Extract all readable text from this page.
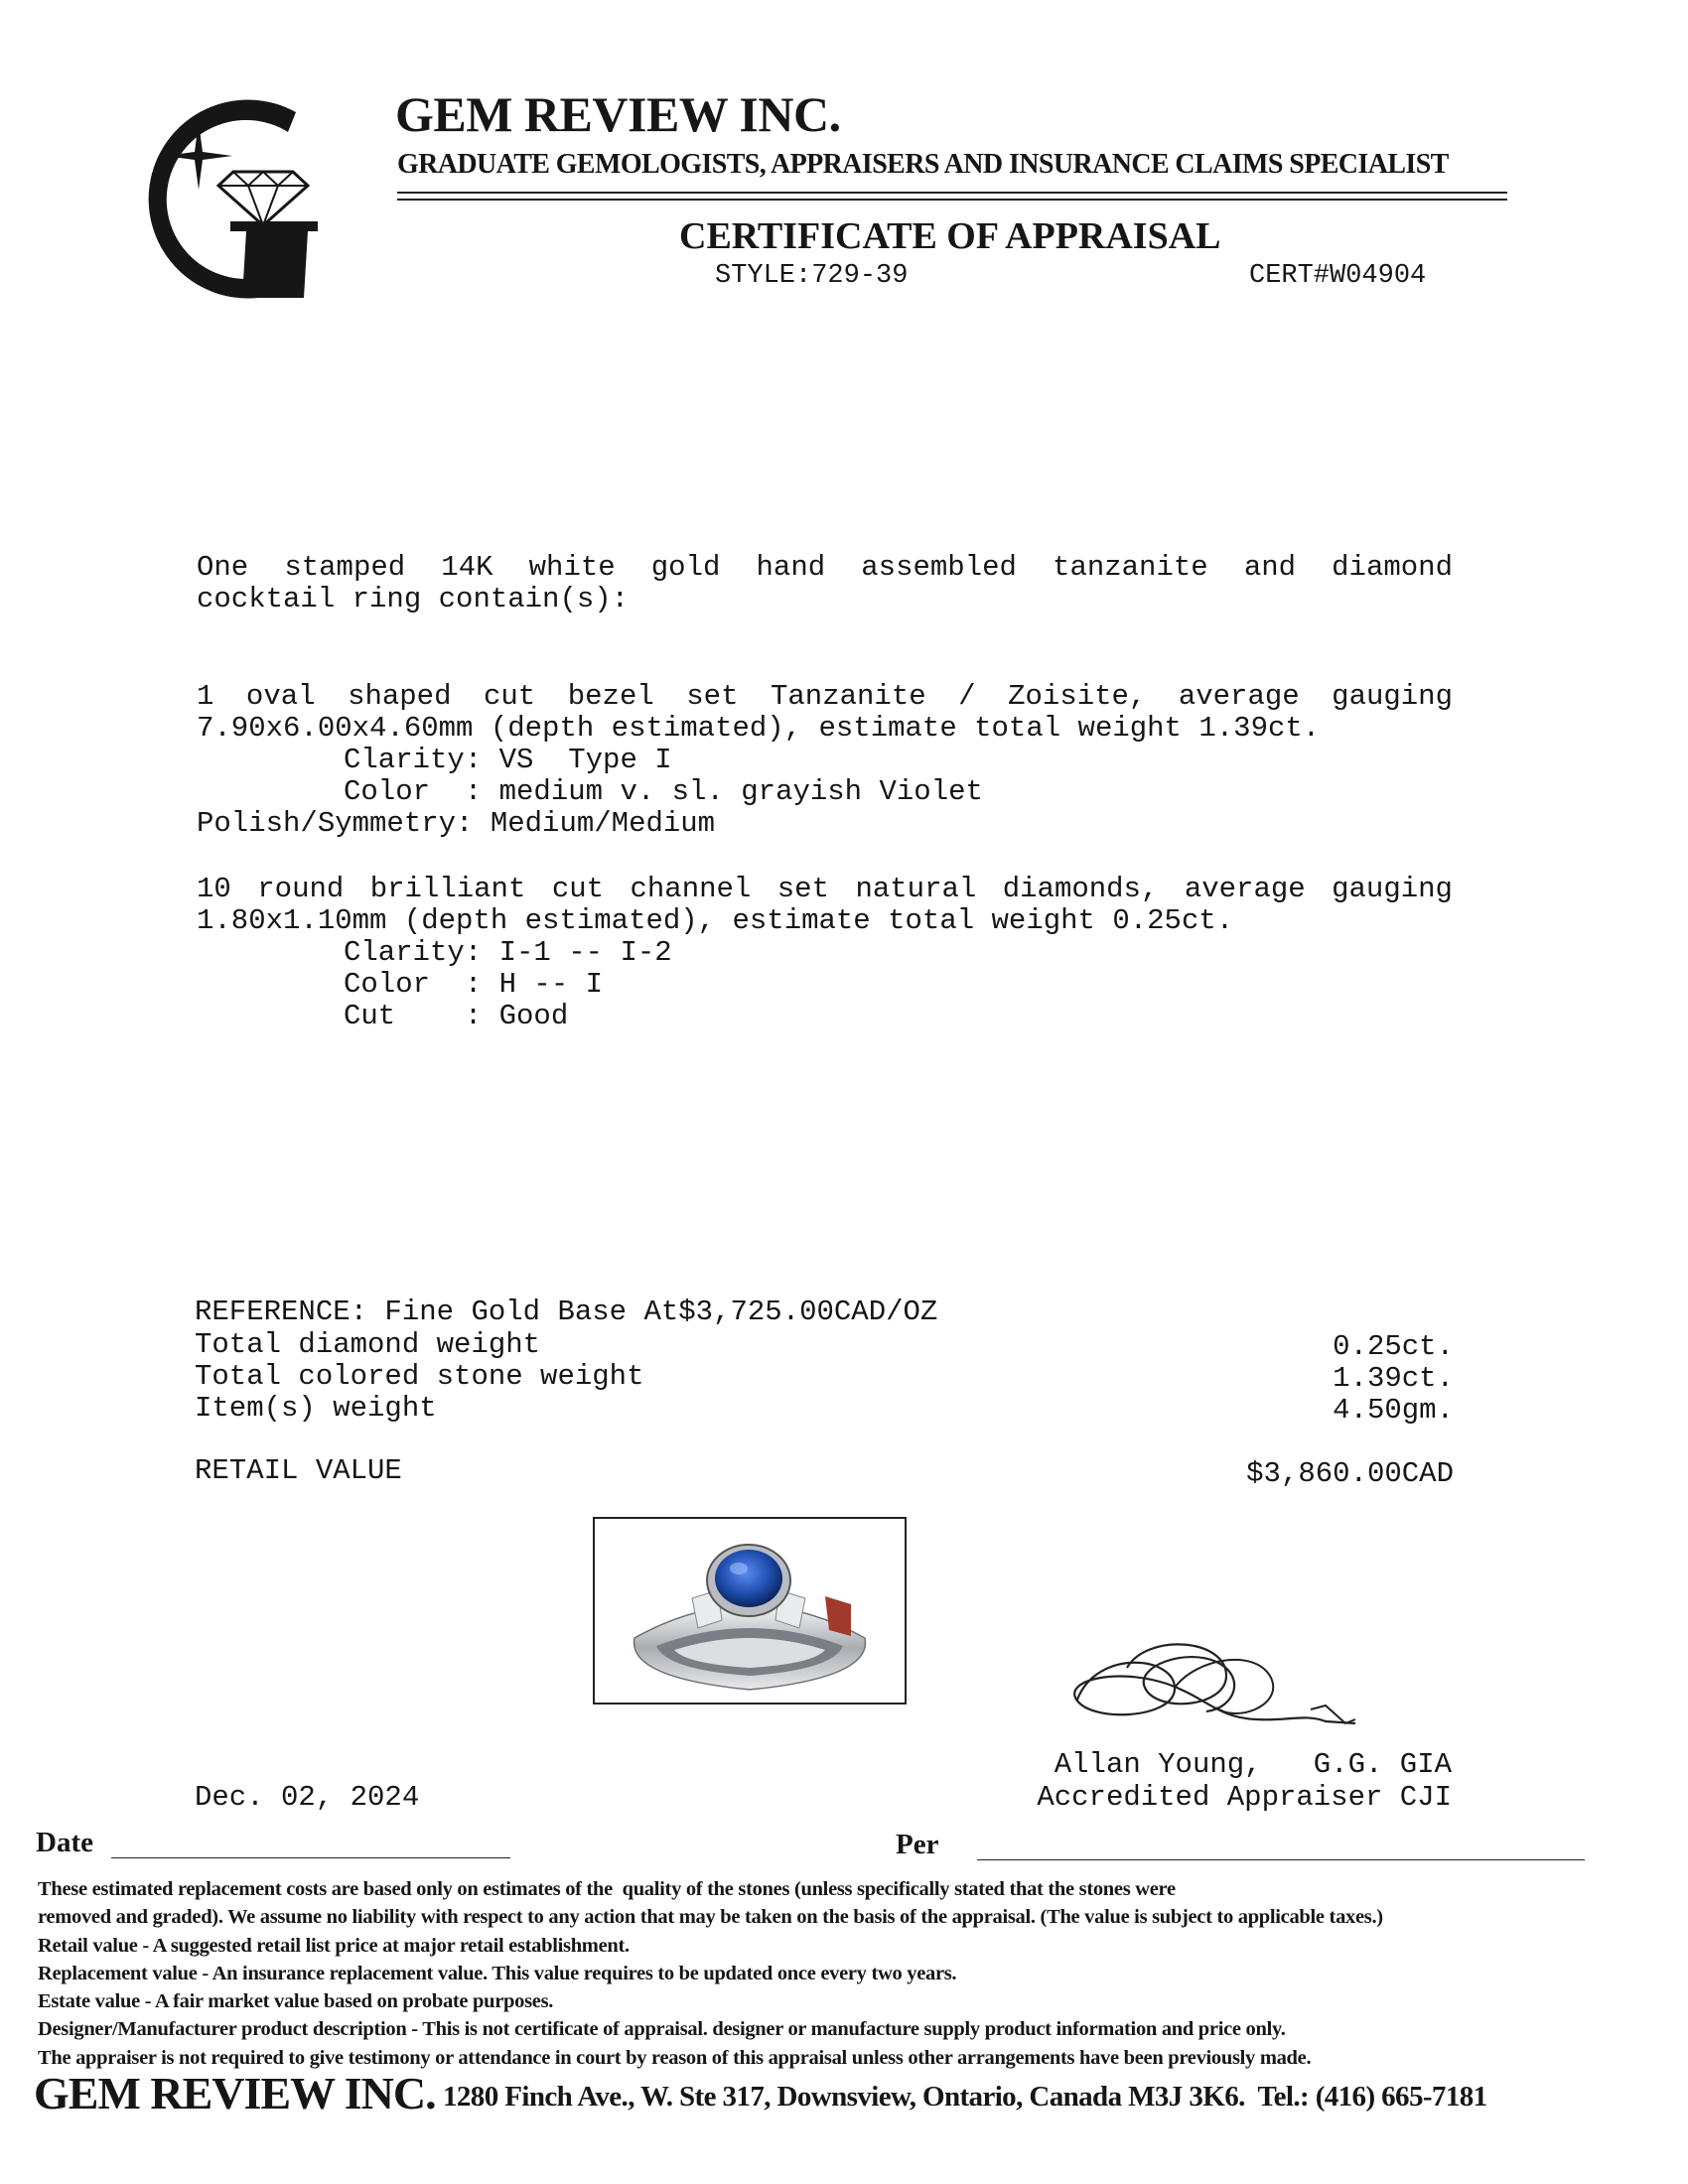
GEM REVIEW INC.
GRADUATE GEMOLOGISTS, APPRAISERS AND INSURANCE CLAIMS SPECIALIST
CERTIFICATE OF APPRAISAL
STYLE:729-39	CERT#W04904
One stamped 14K white gold hand assembled tanzanite and diamond
cocktail ring contain(s):
1 oval shaped cut bezel set Tanzanite / Zoisite, average gauging
7.90x6.00x4.60mm (depth estimated), estimate total weight 1.39ct.
Clarity: VS  Type I
Color  : medium v. sl. grayish Violet
Polish/Symmetry: Medium/Medium
10 round brilliant cut channel set natural diamonds, average gauging
1.80x1.10mm (depth estimated), estimate total weight 0.25ct.
Clarity: I-1 -- I-2
Color  : H -- I
Cut    : Good
REFERENCE: Fine Gold Base At$3,725.00CAD/OZ
Total diamond weight	0.25ct.
Total colored stone weight	1.39ct.
Item(s) weight	4.50gm.
RETAIL VALUE	$3,860.00CAD
Allan Young,   G.G. GIA
Accredited Appraiser CJI
Dec. 02, 2024
Date	Per
These estimated replacement costs are based only on estimates of the  quality of the stones (unless specifically stated that the stones were
removed and graded). We assume no liability with respect to any action that may be taken on the basis of the appraisal. (The value is subject to applicable taxes.)
Retail value - A suggested retail list price at major retail establishment.
Replacement value - An insurance replacement value. This value requires to be updated once every two years.
Estate value - A fair market value based on probate purposes.
Designer/Manufacturer product description - This is not certificate of appraisal. designer or manufacture supply product information and price only.
The appraiser is not required to give testimony or attendance in court by reason of this appraisal unless other arrangements have been previously made.
GEM REVIEW INC. 1280 Finch Ave., W. Ste 317, Downsview, Ontario, Canada M3J 3K6.  Tel.: (416) 665-7181
